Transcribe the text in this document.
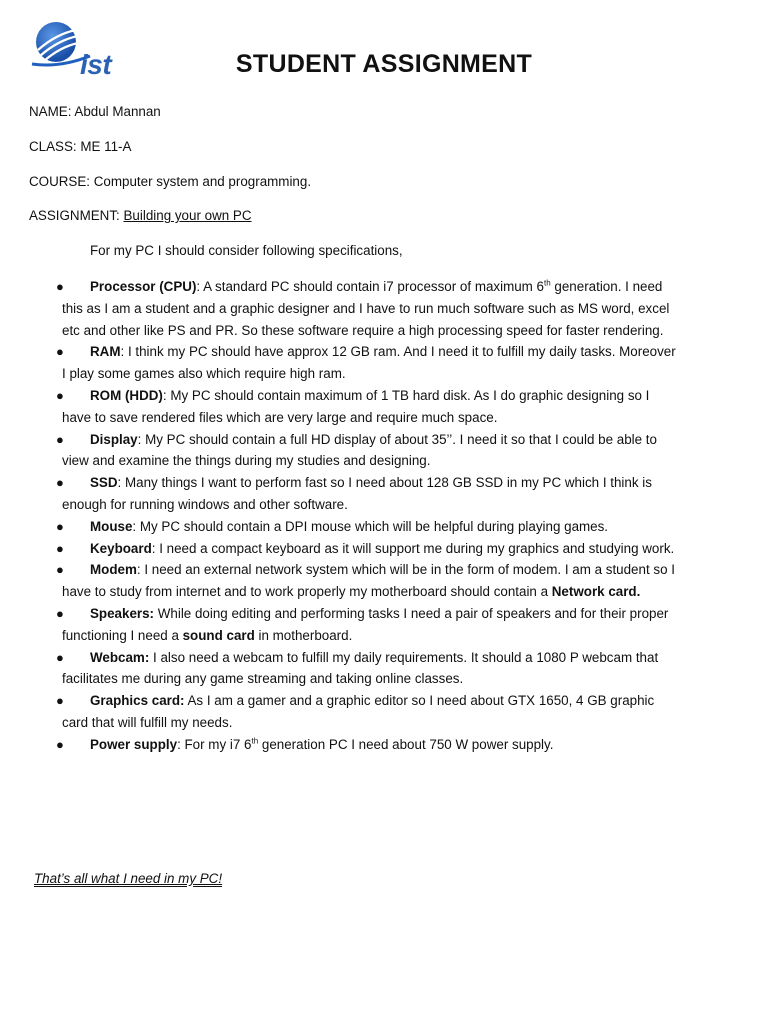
ist	STUDENT ASSIGNMENT
NAME: Abdul Mannan
CLASS: ME 11-A
COURSE: Computer system and programming.
ASSIGNMENT: Building your own PC
For my PC I should consider following specifications,
● Processor (CPU): A standard PC should contain i7 processor of maximum 6th generation. I need this as I am a student and a graphic designer and I have to run much software such as MS word, excel etc and other like PS and PR. So these software require a high processing speed for faster rendering.
● RAM: I think my PC should have approx 12 GB ram. And I need it to fulfill my daily tasks. Moreover I play some games also which require high ram.
● ROM (HDD): My PC should contain maximum of 1 TB hard disk. As I do graphic designing so I have to save rendered files which are very large and require much space.
● Display: My PC should contain a full HD display of about 35’’. I need it so that I could be able to view and examine the things during my studies and designing.
● SSD: Many things I want to perform fast so I need about 128 GB SSD in my PC which I think is enough for running windows and other software.
● Mouse: My PC should contain a DPI mouse which will be helpful during playing games.
● Keyboard: I need a compact keyboard as it will support me during my graphics and studying work.
● Modem: I need an external network system which will be in the form of modem. I am a student so I have to study from internet and to work properly my motherboard should contain a Network card.
● Speakers: While doing editing and performing tasks I need a pair of speakers and for their proper functioning I need a sound card in motherboard.
● Webcam: I also need a webcam to fulfill my daily requirements. It should a 1080 P webcam that facilitates me during any game streaming and taking online classes.
● Graphics card: As I am a gamer and a graphic editor so I need about GTX 1650, 4 GB graphic card that will fulfill my needs.
● Power supply: For my i7 6th generation PC I need about 750 W power supply.
That’s all what I need in my PC!
